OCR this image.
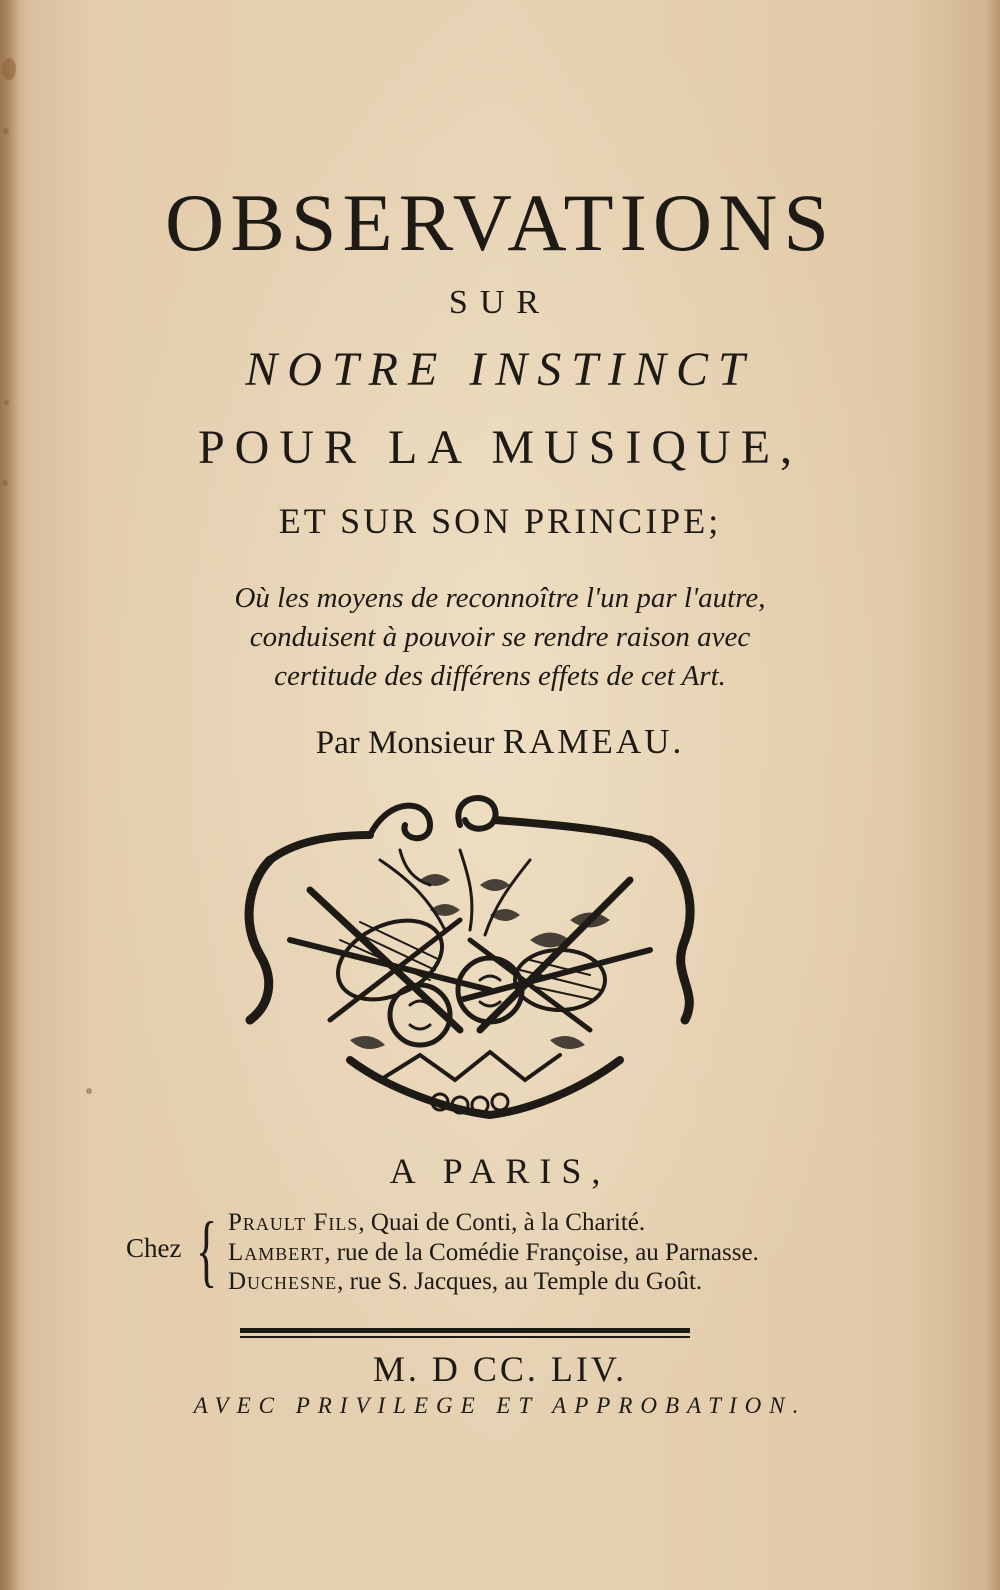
OBSERVATIONS
SUR
NOTRE INSTINCT
POUR LA MUSIQUE,
ET SUR SON PRINCIPE;
Où les moyens de reconnoître l'un par l'autre,
conduisent à pouvoir se rendre raison avec
certitude des différens effets de cet Art.
Par Monsieur RAMEAU.
A PARIS,
Chez { Prault Fils, Quai de Conti, à la Charité.
Lambert, rue de la Comédie Françoise, au Parnasse.
Duchesne, rue S. Jacques, au Temple du Goût.
M. D CC. LIV.
AVEC PRIVILEGE ET APPROBATION.
